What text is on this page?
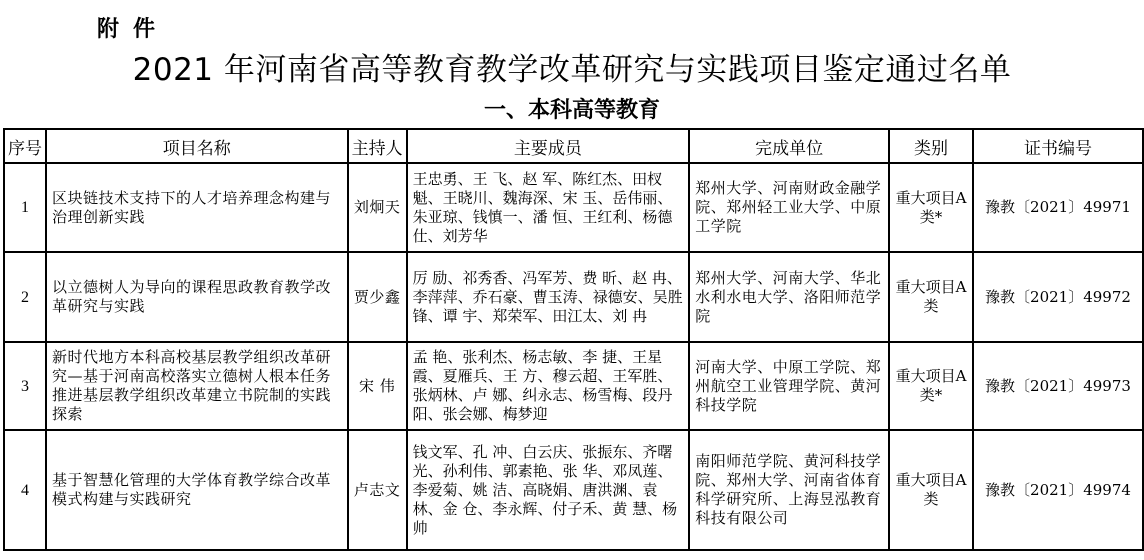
附件
2021 年河南省高等教育教学改革研究与实践项目鉴定通过名单
一、本科高等教育
序号	项目名称	主持人	主要成员	完成单位	类别	证书编号
1	区块链技术支持下的人才培养理念构建与治理创新实践	刘炯天	王忠勇、王 飞、赵 军、陈红杰、田杈魁、王晓川、魏海深、宋 玉、岳伟丽、朱亚琼、钱慎一、潘 恒、王红利、杨德仕、刘芳华	郑州大学、河南财政金融学院、郑州轻工业大学、中原工学院	重大项目A类*	豫教〔2021〕49971
2	以立德树人为导向的课程思政教育教学改革研究与实践	贾少鑫	厉 励、祁秀香、冯军芳、费 昕、赵 冉、李萍萍、乔石豪、曹玉涛、禄德安、吴胜锋、谭 宇、郑荣军、田江太、刘 冉	郑州大学、河南大学、华北水利水电大学、洛阳师范学院	重大项目A类	豫教〔2021〕49972
3	新时代地方本科高校基层教学组织改革研究—基于河南高校落实立德树人根本任务推进基层教学组织改革建立书院制的实践探索	宋 伟	孟 艳、张利杰、杨志敏、李 捷、王星霞、夏雁兵、王 方、穆云超、王军胜、张炳林、卢 娜、纠永志、杨雪梅、段丹阳、张会娜、梅梦迎	河南大学、中原工学院、郑州航空工业管理学院、黄河科技学院	重大项目A类*	豫教〔2021〕49973
4	基于智慧化管理的大学体育教学综合改革模式构建与实践研究	卢志文	钱文军、孔 冲、白云庆、张振东、齐曙光、孙利伟、郭素艳、张 华、邓凤莲、李爱菊、姚 洁、高晓娟、唐洪渊、袁 林、金 仓、李永辉、付子禾、黄 慧、杨 帅	南阳师范学院、黄河科技学院、郑州大学、河南省体育科学研究所、上海昱泓教育科技有限公司	重大项目A类	豫教〔2021〕49974
